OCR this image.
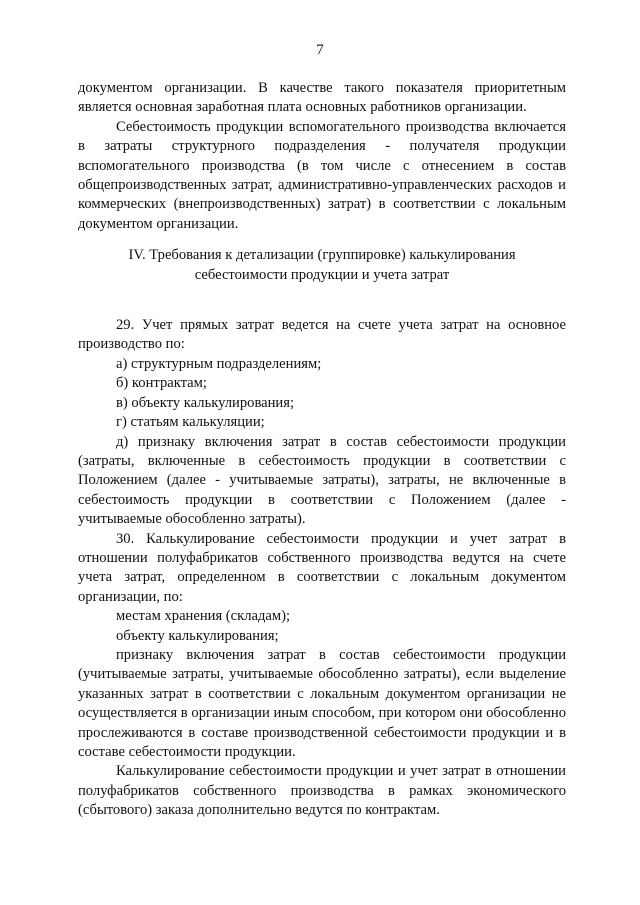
7

документом организации. В качестве такого показателя приоритетным является основная заработная плата основных работников организации.

Себестоимость продукции вспомогательного производства включается в затраты структурного подразделения - получателя продукции вспомогательного производства (в том числе с отнесением в состав общепроизводственных затрат, административно-управленческих расходов и коммерческих (внепроизводственных) затрат) в соответствии с локальным документом организации.

IV. Требования к детализации (группировке) калькулирования

себестоимости продукции и учета затрат

29. Учет прямых затрат ведется на счете учета затрат на основное производство по:

а) структурным подразделениям;

б) контрактам;

в) объекту калькулирования;

г) статьям калькуляции;

д) признаку включения затрат в состав себестоимости продукции (затраты, включенные в себестоимость продукции в соответствии с Положением (далее - учитываемые затраты), затраты, не включенные в себестоимость продукции в соответствии с Положением (далее - учитываемые обособленно затраты).

30. Калькулирование себестоимости продукции и учет затрат в отношении полуфабрикатов собственного производства ведутся на счете учета затрат, определенном в соответствии с локальным документом организации, по:

местам хранения (складам);

объекту калькулирования;

признаку включения затрат в состав себестоимости продукции (учитываемые затраты, учитываемые обособленно затраты), если выделение указанных затрат в соответствии с локальным документом организации не осуществляется в организации иным способом, при котором они обособленно прослеживаются в составе производственной себестоимости продукции и в составе себестоимости продукции.

Калькулирование себестоимости продукции и учет затрат в отношении полуфабрикатов собственного производства в рамках экономического (сбытового) заказа дополнительно ведутся по контрактам.
